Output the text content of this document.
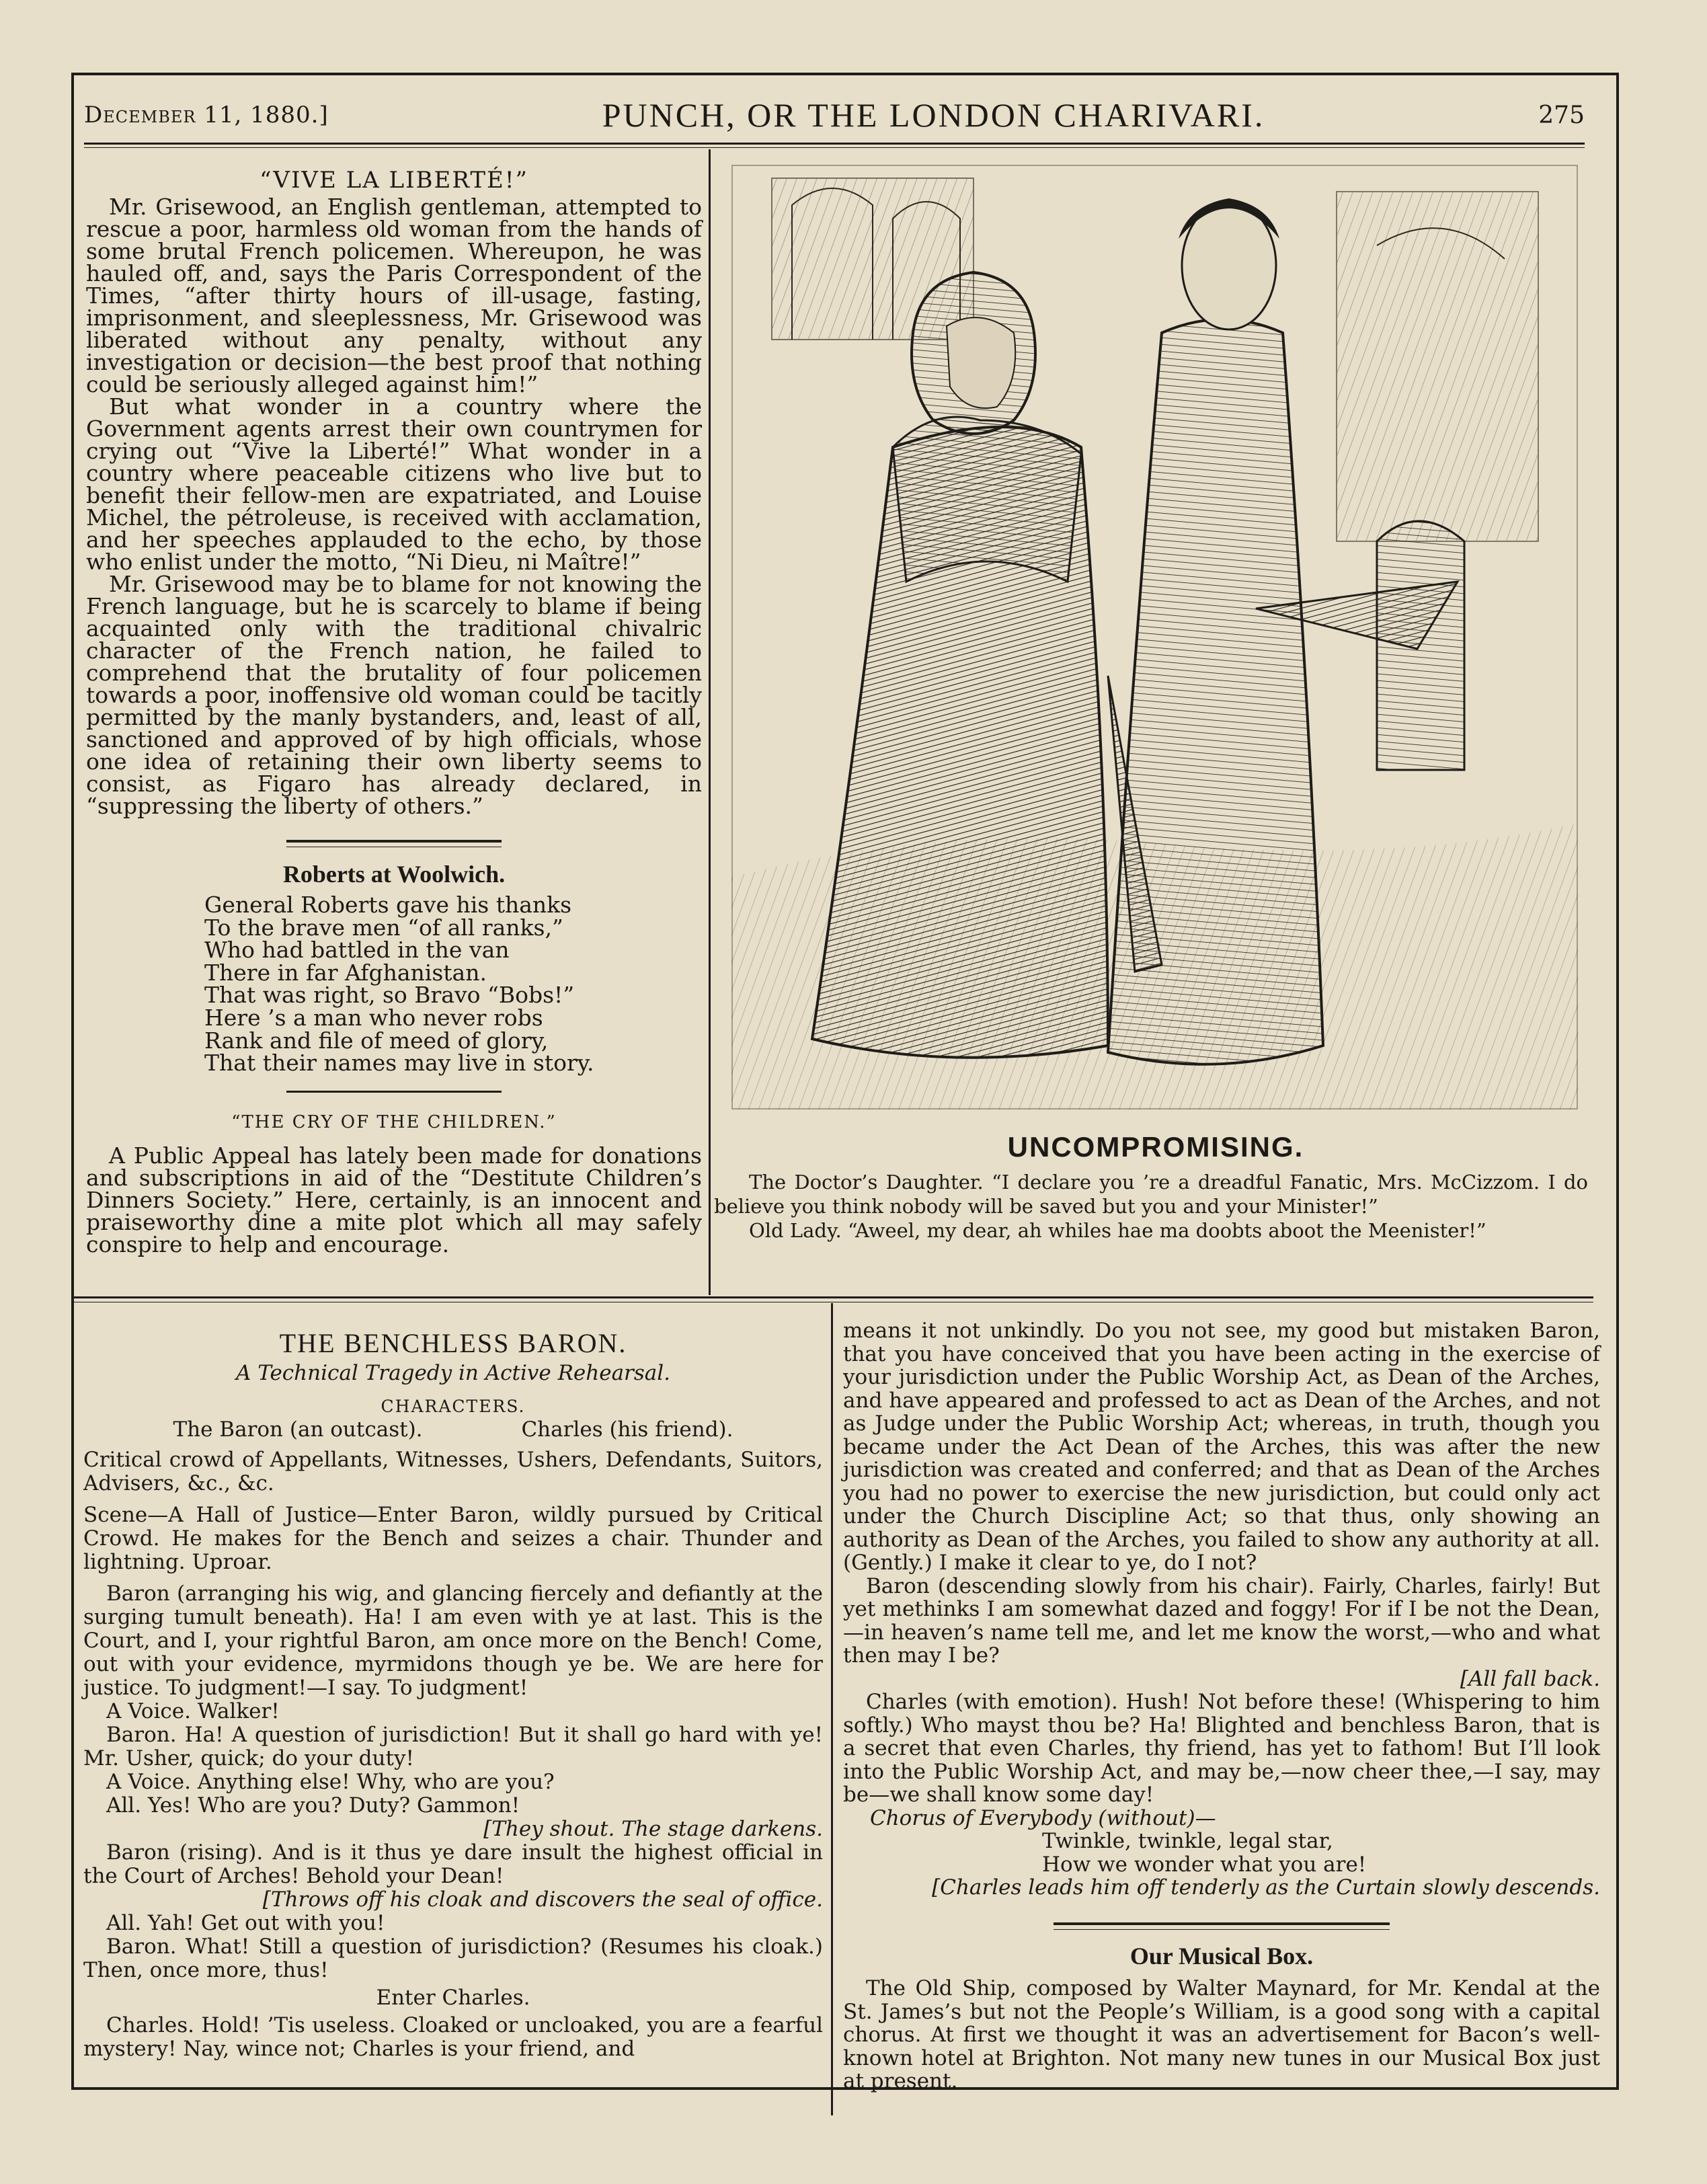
December 11, 1880.]	PUNCH, OR THE LONDON CHARIVARI.	275
“VIVE LA LIBERTÉ!”

Mr. Grisewood, an English gentleman, attempted to rescue a poor, harmless old woman from the hands of some brutal French policemen. Whereupon, he was hauled off, and, says the Paris Correspondent of the Times, “after thirty hours of ill-usage, fasting, imprisonment, and sleeplessness, Mr. Grisewood was liberated without any penalty, without any investigation or decision—the best proof that nothing could be seriously alleged against him!”

But what wonder in a country where the Government agents arrest their own countrymen for crying out “Vive la Liberté!” What wonder in a country where peaceable citizens who live but to benefit their fellow-men are expatriated, and Louise Michel, the pétroleuse, is received with acclamation, and her speeches applauded to the echo, by those who enlist under the motto, “Ni Dieu, ni Maître!”

Mr. Grisewood may be to blame for not knowing the French language, but he is scarcely to blame if being acquainted only with the traditional chivalric character of the French nation, he failed to comprehend that the brutality of four policemen towards a poor, inoffensive old woman could be tacitly permitted by the manly bystanders, and, least of all, sanctioned and approved of by high officials, whose one idea of retaining their own liberty seems to consist, as Figaro has already declared, in “suppressing the liberty of others.”

Roberts at Woolwich.
General Roberts gave his thanks
To the brave men “of all ranks,”
Who had battled in the van
There in far Afghanistan.
That was right, so Bravo “Bobs!”
Here ’s a man who never robs
Rank and file of meed of glory,
That their names may live in story.
“THE CRY OF THE CHILDREN.”

A Public Appeal has lately been made for donations and subscriptions in aid of the “Destitute Children’s Dinners Society.” Here, certainly, is an innocent and praiseworthy dine a mite plot which all may safely conspire to help and encourage.

UNCOMPROMISING.

The Doctor’s Daughter. “I declare you ’re a dreadful Fanatic, Mrs. McCizzom. I do believe you think nobody will be saved but you and your Minister!”

Old Lady. “Aweel, my dear, ah whiles hae ma doobts aboot the Meenister!”

THE BENCHLESS BARON.
A Technical Tragedy in Active Rehearsal.
CHARACTERS.
The Baron (an outcast).	Charles (his friend).

Critical crowd of Appellants, Witnesses, Ushers, Defendants, Suitors, Advisers, &c., &c.

Scene—A Hall of Justice—Enter Baron, wildly pursued by Critical Crowd. He makes for the Bench and seizes a chair. Thunder and lightning. Uproar.

Baron (arranging his wig, and glancing fiercely and defiantly at the surging tumult beneath). Ha! I am even with ye at last. This is the Court, and I, your rightful Baron, am once more on the Bench! Come, out with your evidence, myrmidons though ye be. We are here for justice. To judgment!—I say. To judgment!

A Voice. Walker!

Baron. Ha! A question of jurisdiction! But it shall go hard with ye! Mr. Usher, quick; do your duty!

A Voice. Anything else! Why, who are you?

All. Yes! Who are you? Duty? Gammon!

[They shout. The stage darkens.

Baron (rising). And is it thus ye dare insult the highest official in the Court of Arches! Behold your Dean!

[Throws off his cloak and discovers the seal of office.

All. Yah! Get out with you!

Baron. What! Still a question of jurisdiction? (Resumes his cloak.) Then, once more, thus!

Enter Charles.

Charles. Hold! ’Tis useless. Cloaked or uncloaked, you are a fearful mystery! Nay, wince not; Charles is your friend, and

means it not unkindly. Do you not see, my good but mistaken Baron, that you have conceived that you have been acting in the exercise of your jurisdiction under the Public Worship Act, as Dean of the Arches, and have appeared and professed to act as Dean of the Arches, and not as Judge under the Public Worship Act; whereas, in truth, though you became under the Act Dean of the Arches, this was after the new jurisdiction was created and conferred; and that as Dean of the Arches you had no power to exercise the new jurisdiction, but could only act under the Church Discipline Act; so that thus, only showing an authority as Dean of the Arches, you failed to show any authority at all. (Gently.) I make it clear to ye, do I not?

Baron (descending slowly from his chair). Fairly, Charles, fairly! But yet methinks I am somewhat dazed and foggy! For if I be not the Dean,—in heaven’s name tell me, and let me know the worst,—who and what then may I be?

[All fall back.

Charles (with emotion). Hush! Not before these! (Whispering to him softly.) Who mayst thou be? Ha! Blighted and benchless Baron, that is a secret that even Charles, thy friend, has yet to fathom! But I’ll look into the Public Worship Act, and may be,—now cheer thee,—I say, may be—we shall know some day!

Chorus of Everybody (without)—
Twinkle, twinkle, legal star,
How we wonder what you are!
[Charles leads him off tenderly as the Curtain slowly descends.
Our Musical Box.

The Old Ship, composed by Walter Maynard, for Mr. Kendal at the St. James’s but not the People’s William, is a good song with a capital chorus. At first we thought it was an advertisement for Bacon’s well-known hotel at Brighton. Not many new tunes in our Musical Box just at present.
